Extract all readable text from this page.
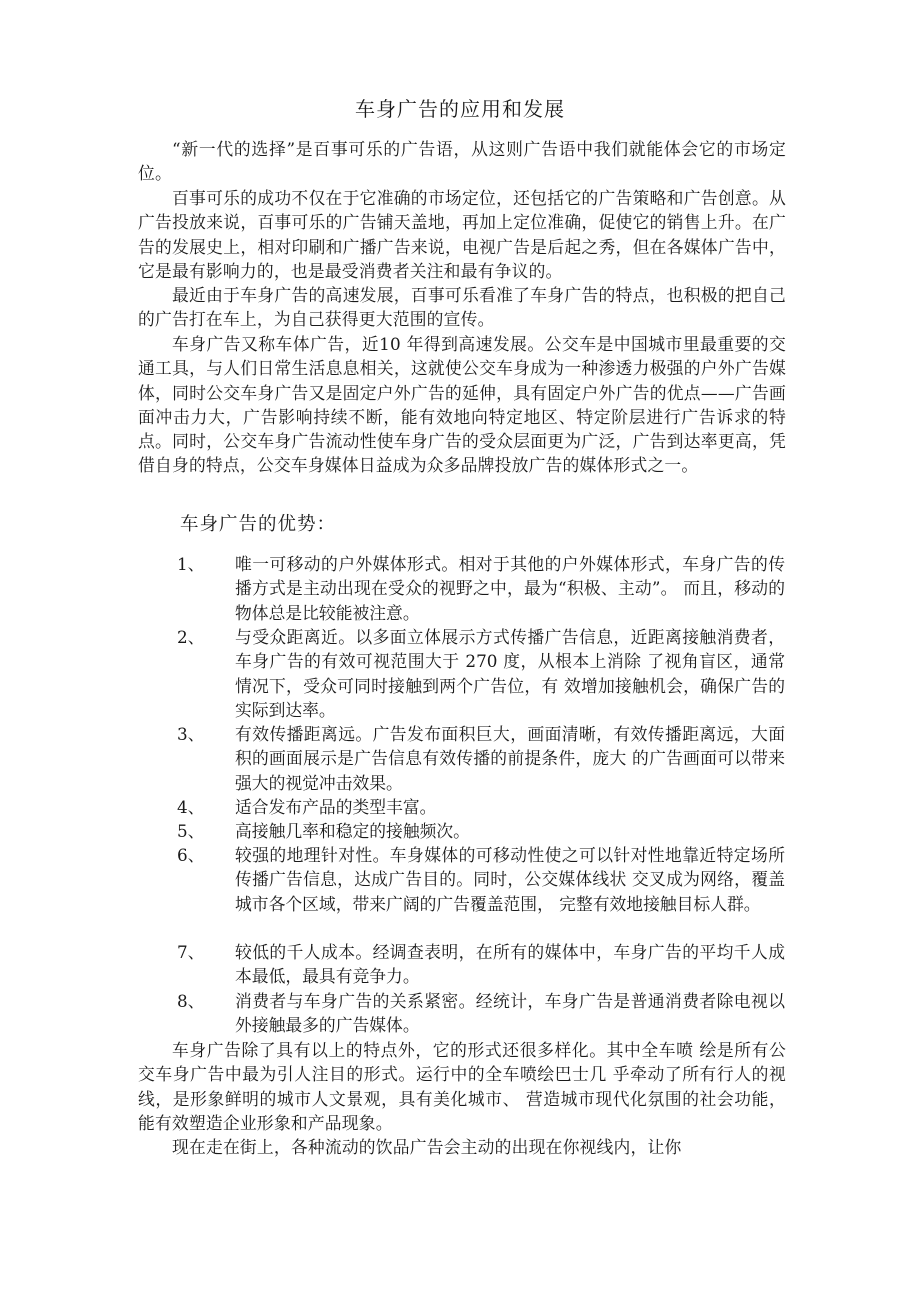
车身广告的应用和发展

“新一代的选择”是百事可乐的广告语，从这则广告语中我们就能体会它的市场定位。

百事可乐的成功不仅在于它准确的市场定位，还包括它的广告策略和广告创意。从广告投放来说，百事可乐的广告铺天盖地，再加上定位准确，促使它的销售上升。在广告的发展史上，相对印刷和广播广告来说，电视广告是后起之秀，但在各媒体广告中，它是最有影响力的，也是最受消费者关注和最有争议的。

最近由于车身广告的高速发展，百事可乐看准了车身广告的特点，也积极的把自己的广告打在车上，为自己获得更大范围的宣传。

车身广告又称车体广告，近10 年得到高速发展。公交车是中国城市里最重要的交通工具，与人们日常生活息息相关，这就使公交车身成为一种渗透力极强的户外广告媒体，同时公交车身广告又是固定户外广告的延伸，具有固定户外广告的优点——广告画面冲击力大，广告影响持续不断，能有效地向特定地区、特定阶层进行广告诉求的特点。同时，公交车身广告流动性使车身广告的受众层面更为广泛，广告到达率更高，凭借自身的特点，公交车身媒体日益成为众多品牌投放广告的媒体形式之一。

车身广告的优势：
1、 唯一可移动的户外媒体形式。相对于其他的户外媒体形式，车身广告的传播方式是主动出现在受众的视野之中，最为“积极、主动”。 而且，移动的物体总是比较能被注意。

2、 与受众距离近。以多面立体展示方式传播广告信息，近距离接触消费者，车身广告的有效可视范围大于 270 度，从根本上消除 了视角盲区，通常情况下，受众可同时接触到两个广告位，有 效增加接触机会，确保广告的实际到达率。

3、 有效传播距离远。广告发布面积巨大，画面清晰，有效传播距离远，大面积的画面展示是广告信息有效传播的前提条件，庞大 的广告画面可以带来强大的视觉冲击效果。

4、 适合发布产品的类型丰富。

5、 高接触几率和稳定的接触频次。

6、 较强的地理针对性。车身媒体的可移动性使之可以针对性地靠近特定场所传播广告信息，达成广告目的。同时，公交媒体线状 交叉成为网络，覆盖城市各个区域，带来广阔的广告覆盖范围， 完整有效地接触目标人群。

7、 较低的千人成本。经调查表明，在所有的媒体中，车身广告的平均千人成本最低，最具有竞争力。

8、 消费者与车身广告的关系紧密。经统计，车身广告是普通消费者除电视以外接触最多的广告媒体。

车身广告除了具有以上的特点外，它的形式还很多样化。其中全车喷 绘是所有公交车身广告中最为引人注目的形式。运行中的全车喷绘巴士几 乎牵动了所有行人的视线，是形象鲜明的城市人文景观，具有美化城市、 营造城市现代化氛围的社会功能，能有效塑造企业形象和产品现象。

现在走在街上，各种流动的饮品广告会主动的出现在你视线内，让你
